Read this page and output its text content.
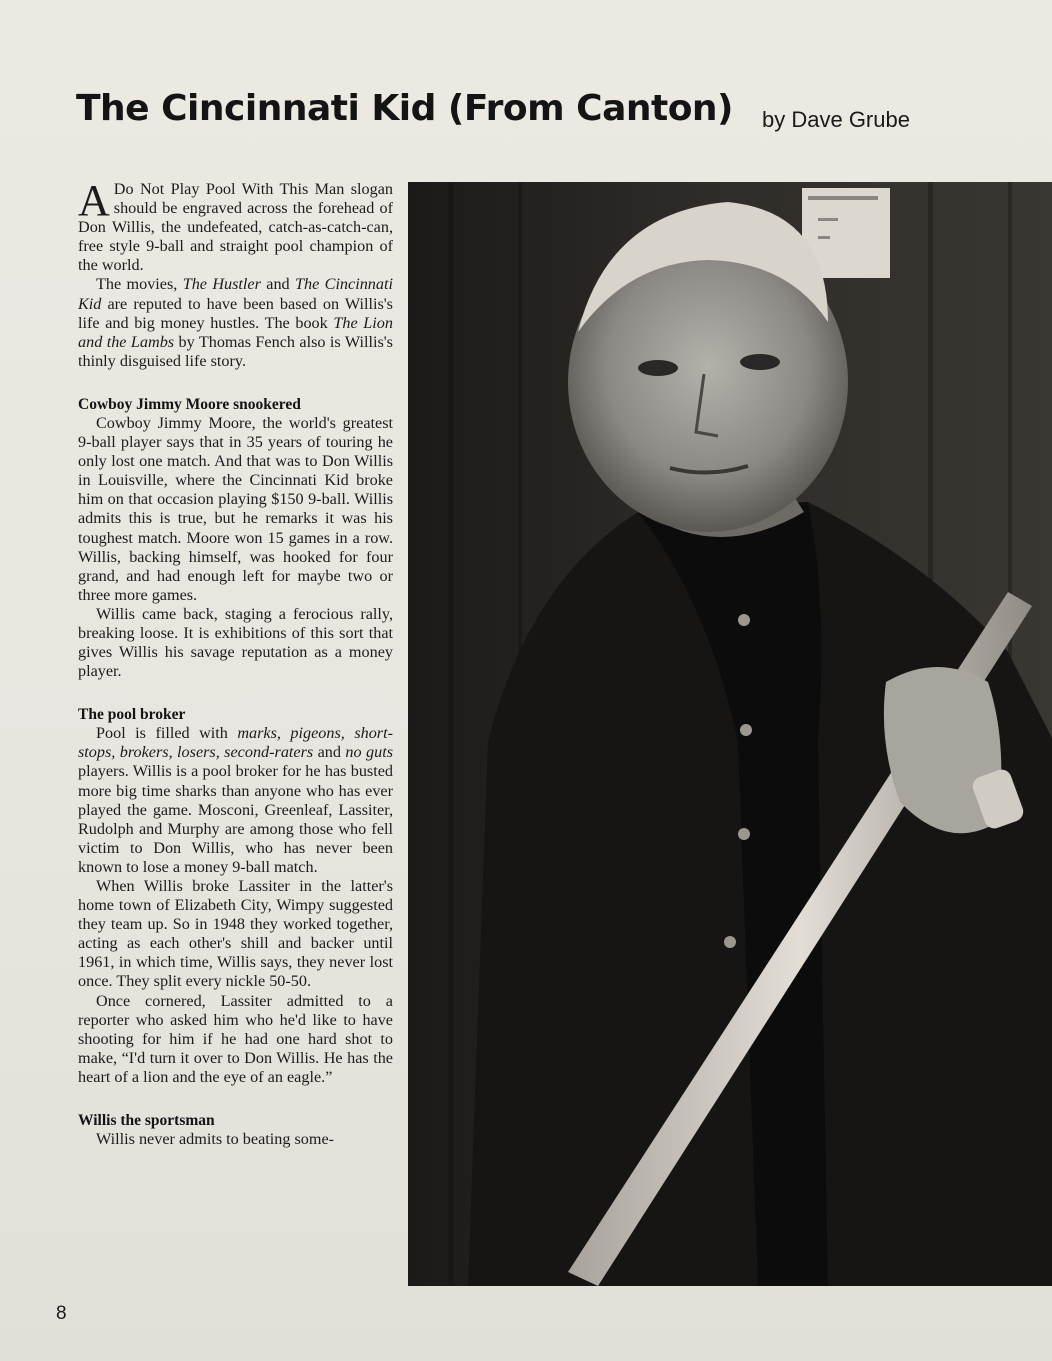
The Cincinnati Kid (From Canton) by Dave Grube

A Do Not Play Pool With This Man slogan should be engraved across the forehead of Don Willis, the undefeated, catch-as-catch-can, free style 9-ball and straight pool champion of the world.

The movies, The Hustler and The Cincinnati Kid are reputed to have been based on Willis's life and big money hustles. The book The Lion and the Lambs by Thomas Fench also is Willis's thinly disguised life story.

Cowboy Jimmy Moore snookered

Cowboy Jimmy Moore, the world's greatest 9-ball player says that in 35 years of touring he only lost one match. And that was to Don Willis in Louisville, where the Cincinnati Kid broke him on that occasion playing $150 9-ball. Willis admits this is true, but he remarks it was his toughest match. Moore won 15 games in a row. Willis, backing himself, was hooked for four grand, and had enough left for maybe two or three more games.

Willis came back, staging a ferocious rally, breaking loose. It is exhibitions of this sort that gives Willis his savage reputation as a money player.

The pool broker

Pool is filled with marks, pigeons, short-stops, brokers, losers, second-raters and no guts players. Willis is a pool broker for he has busted more big time sharks than anyone who has ever played the game. Mosconi, Greenleaf, Lassiter, Rudolph and Murphy are among those who fell victim to Don Willis, who has never been known to lose a money 9-ball match.

When Willis broke Lassiter in the latter's home town of Elizabeth City, Wimpy suggested they team up. So in 1948 they worked together, acting as each other's shill and backer until 1961, in which time, Willis says, they never lost once. They split every nickle 50-50.

Once cornered, Lassiter admitted to a reporter who asked him who he'd like to have shooting for him if he had one hard shot to make, “I'd turn it over to Don Willis. He has the heart of a lion and the eye of an eagle.”

Willis the sportsman

Willis never admits to beating some-

8
